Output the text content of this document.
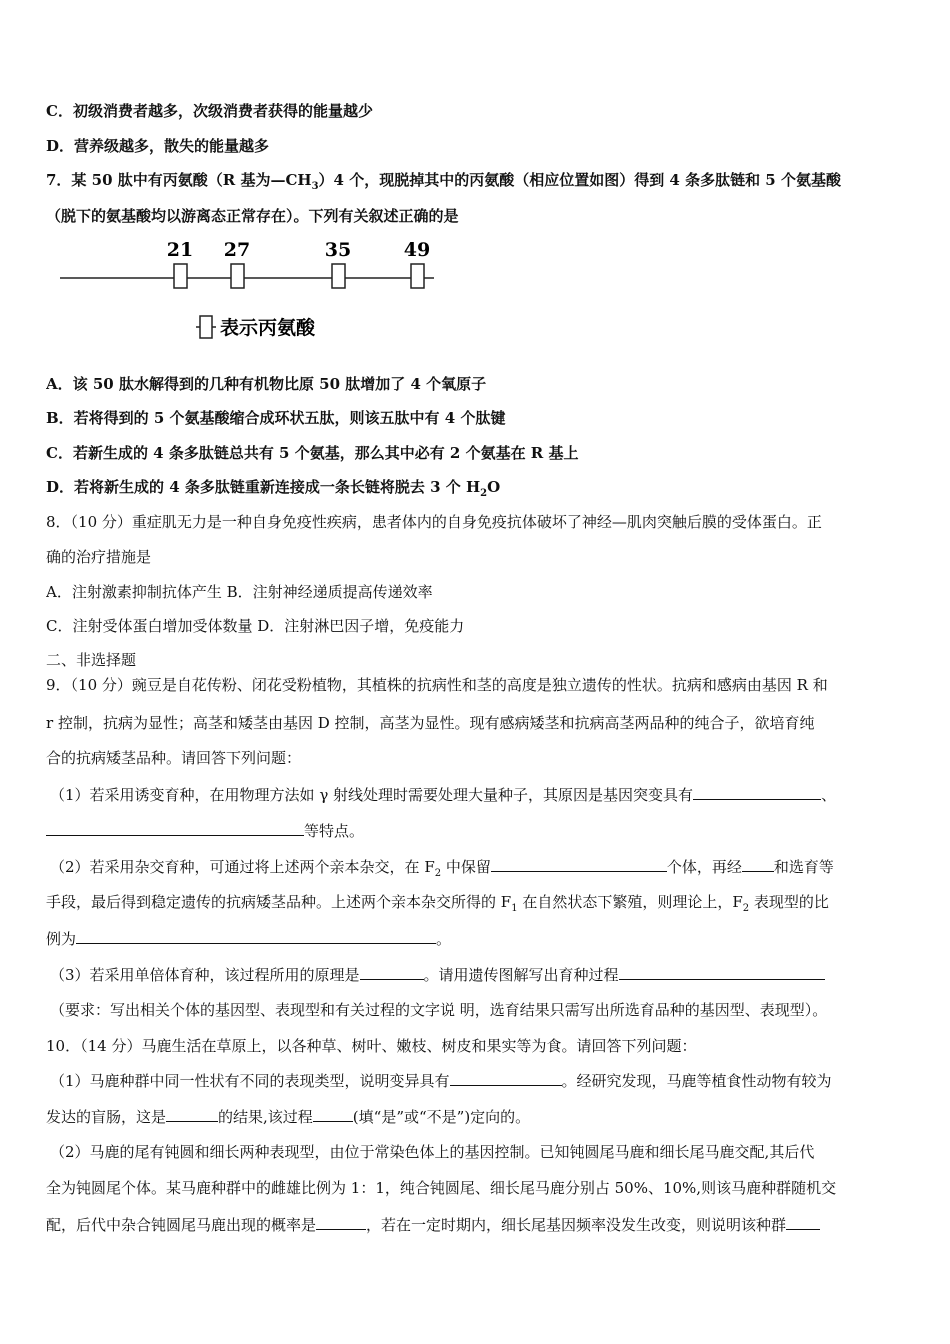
C．初级消费者越多，次级消费者获得的能量越少
D．营养级越多，散失的能量越多
7．某 50 肽中有丙氨酸（R 基为$—CH_3)4$ 个，现脱掉其中的丙氨酸（相应位置如图）得到 4 条多肽链和 5 个氨基酸
（脱下的氨基酸均以游离态正常存在）。下列有关叙述正确的是
21 27	35	49
表示丙氨酸
A．该 50 肽水解得到的几种有机物比原 50 肽增加了 4 个氧原子
B．若将得到的 5 个氨基酸缩合成环状五肽，则该五肽中有 4 个肽键
C．若新生成的 4 条多肽链总共有 5 个氨基，那么其中必有 2 个氨基在 R 基上
D．若将新生成的 4 条多肽链重新连接成一条长链将脱去 3 个 $H_2O$
8．（10 分）重症肌无力是一种自身免疫性疾病，患者体内的自身免疫抗体破坏了神经—肌肉突触后膜的受体蛋白。正
确的治疗措施是
A．注射激素抑制抗体产生 B．注射神经递质提高传递效率
C．注射受体蛋白增加受体数量 D．注射淋巴因子增，免疫能力
二、非选择题
9．（10 分）豌豆是自花传粉、闭花受粉植物，其植株的抗病性和茎的高度是独立遗传的性状。抗病和感病由基因 R 和
r 控制，抗病为显性；高茎和矮茎由基因 D 控制，高茎为显性。现有感病矮茎和抗病高茎两品种的纯合子，欲培育纯
合的抗病矮茎品种。请回答下列问题：
（1）若采用诱变育种，在用物理方法如 γ 射线处理时需要处理大量种子，其原因是基因突变具有	、
等特点。
（2）若采用杂交育种，可通过将上述两个亲本杂交，在 $F_2$ 中保留	个体，再经 和选育等
手段，最后得到稳定遗传的抗病矮茎品种。上述两个亲本杂交所得的 $F_1$ 在自然状态下繁殖，则理论上，$F_2$ 表现型的比
例为	。
（3）若采用单倍体育种，该过程所用的原理是	。请用遗传图解写出育种过程
（要求：写出相关个体的基因型、表现型和有关过程的文字说 明，选育结果只需写出所选育品种的基因型、表现型）。
10．（14 分）马鹿生活在草原上，以各种草、树叶、嫩枝、树皮和果实等为食。请回答下列问题：
（1）马鹿种群中同一性状有不同的表现类型，说明变异具有	。经研究发现，马鹿等植食性动物有较为
发达的盲肠，这是	的结果,该过程	(填“是”或“不是”)定向的。
（2）马鹿的尾有钝圆和细长两种表现型，由位于常染色体上的基因控制。已知钝圆尾马鹿和细长尾马鹿交配,其后代
全为钝圆尾个体。某马鹿种群中的雌雄比例为 1：1，纯合钝圆尾、细长尾马鹿分别占 50%、10%,则该马鹿种群随机交
配，后代中杂合钝圆尾马鹿出现的概率是	，若在一定时期内，细长尾基因频率没发生改变，则说明该种群
